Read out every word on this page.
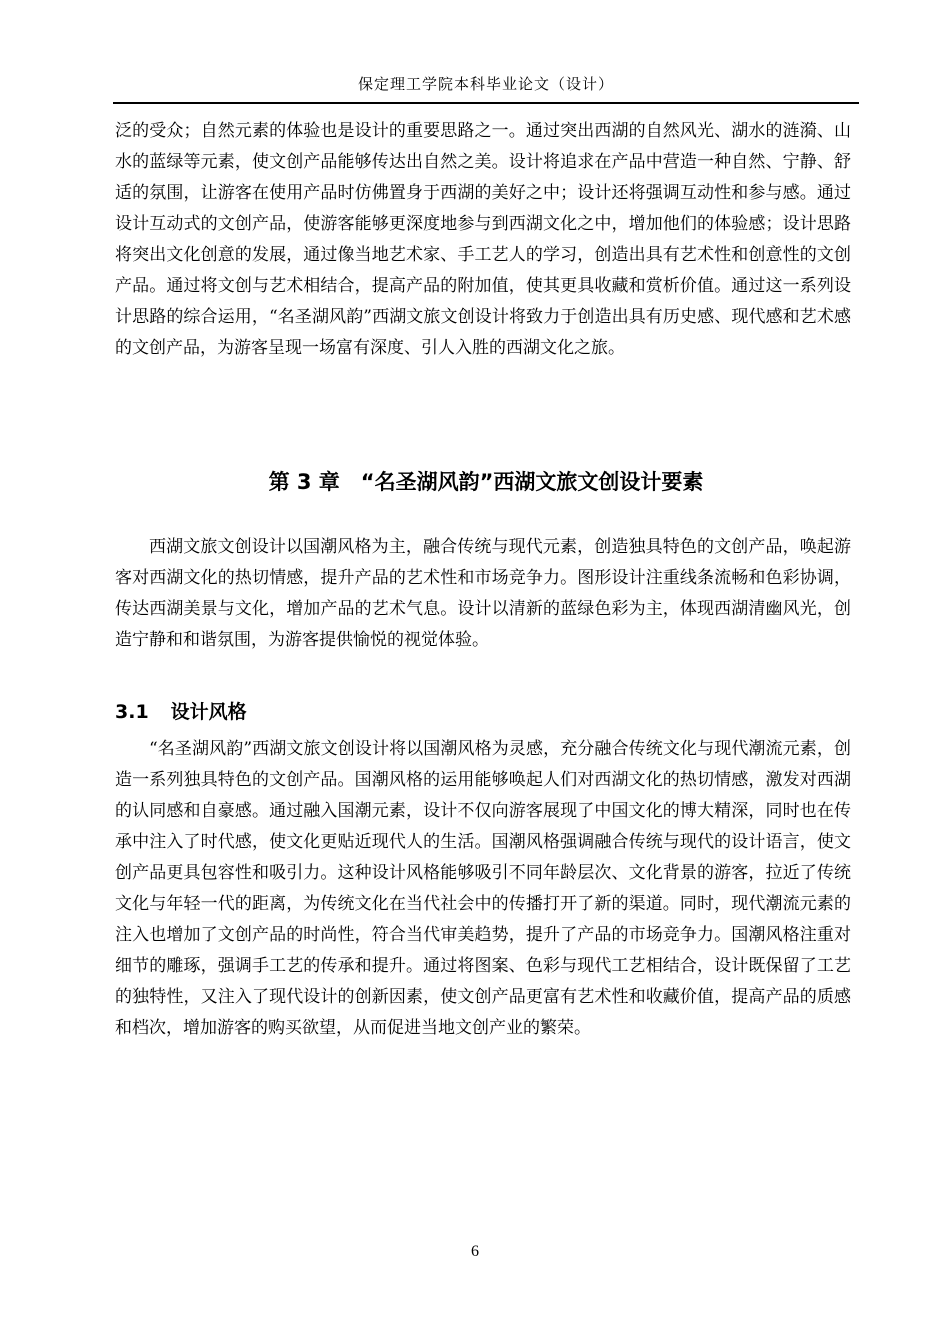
保定理工学院本科毕业论文（设计）

泛的受众；自然元素的体验也是设计的重要思路之一。通过突出西湖的自然风光、湖水的涟漪、山水的蓝绿等元素，使文创产品能够传达出自然之美。设计将追求在产品中营造一种自然、宁静、舒适的氛围，让游客在使用产品时仿佛置身于西湖的美好之中；设计还将强调互动性和参与感。通过设计互动式的文创产品，使游客能够更深度地参与到西湖文化之中，增加他们的体验感；设计思路将突出文化创意的发展，通过像当地艺术家、手工艺人的学习，创造出具有艺术性和创意性的文创产品。通过将文创与艺术相结合，提高产品的附加值，使其更具收藏和赏析价值。通过这一系列设计思路的综合运用，“名圣湖风韵”西湖文旅文创设计将致力于创造出具有历史感、现代感和艺术感的文创产品，为游客呈现一场富有深度、引人入胜的西湖文化之旅。

第 3 章　“名圣湖风韵”西湖文旅文创设计要素

西湖文旅文创设计以国潮风格为主，融合传统与现代元素，创造独具特色的文创产品，唤起游客对西湖文化的热切情感，提升产品的艺术性和市场竞争力。图形设计注重线条流畅和色彩协调，传达西湖美景与文化，增加产品的艺术气息。设计以清新的蓝绿色彩为主，体现西湖清幽风光，创造宁静和和谐氛围，为游客提供愉悦的视觉体验。

3.1 设计风格

“名圣湖风韵”西湖文旅文创设计将以国潮风格为灵感，充分融合传统文化与现代潮流元素，创造一系列独具特色的文创产品。国潮风格的运用能够唤起人们对西湖文化的热切情感，激发对西湖的认同感和自豪感。通过融入国潮元素，设计不仅向游客展现了中国文化的博大精深，同时也在传承中注入了时代感，使文化更贴近现代人的生活。国潮风格强调融合传统与现代的设计语言，使文创产品更具包容性和吸引力。这种设计风格能够吸引不同年龄层次、文化背景的游客，拉近了传统文化与年轻一代的距离，为传统文化在当代社会中的传播打开了新的渠道。同时，现代潮流元素的注入也增加了文创产品的时尚性，符合当代审美趋势，提升了产品的市场竞争力。国潮风格注重对细节的雕琢，强调手工艺的传承和提升。通过将图案、色彩与现代工艺相结合，设计既保留了工艺的独特性，又注入了现代设计的创新因素，使文创产品更富有艺术性和收藏价值，提高产品的质感和档次，增加游客的购买欲望，从而促进当地文创产业的繁荣。

6
